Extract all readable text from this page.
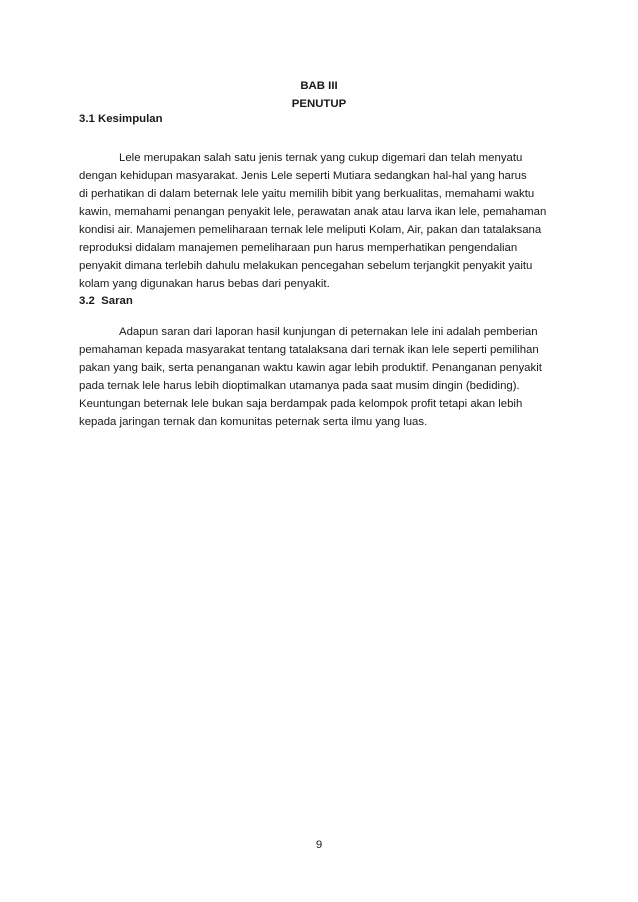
BAB III
PENUTUP
3.1 Kesimpulan
Lele merupakan salah satu jenis ternak yang cukup digemari dan telah menyatu
dengan kehidupan masyarakat. Jenis Lele seperti Mutiara sedangkan hal-hal yang harus
di perhatikan di dalam beternak lele yaitu memilih bibit yang berkualitas, memahami waktu
kawin, memahami penangan penyakit lele, perawatan anak atau larva ikan lele, pemahaman
kondisi air. Manajemen pemeliharaan ternak lele meliputi Kolam, Air, pakan dan tatalaksana
reproduksi didalam manajemen pemeliharaan pun harus memperhatikan pengendalian
penyakit dimana terlebih dahulu melakukan pencegahan sebelum terjangkit penyakit yaitu
kolam yang digunakan harus bebas dari penyakit.
3.2  Saran
Adapun saran dari laporan hasil kunjungan di peternakan lele ini adalah pemberian
pemahaman kepada masyarakat tentang tatalaksana dari ternak ikan lele seperti pemilihan
pakan yang baik, serta penanganan waktu kawin agar lebih produktif. Penanganan penyakit
pada ternak lele harus lebih dioptimalkan utamanya pada saat musim dingin (bediding).
Keuntungan beternak lele bukan saja berdampak pada kelompok profit tetapi akan lebih
kepada jaringan ternak dan komunitas peternak serta ilmu yang luas.
9
